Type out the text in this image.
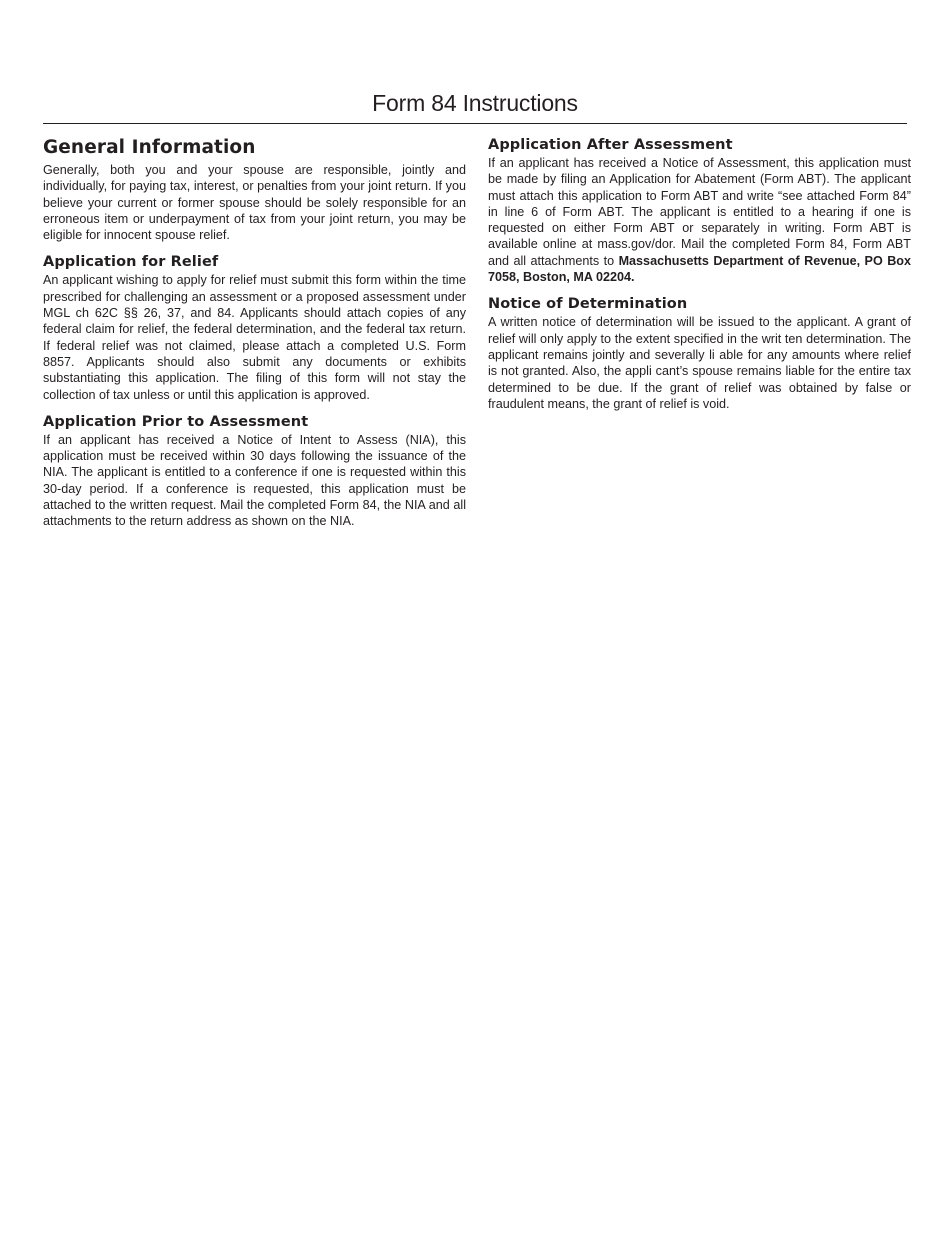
Form 84 Instructions
General Information

Generally, both you and your spouse are responsible, jointly and individually, for paying tax, interest, or penalties from your joint return. If you believe your current or former spouse should be solely responsible for an erroneous item or underpayment of tax from your joint return, you may be eligible for innocent spouse relief.

Application for Relief

An applicant wishing to apply for relief must submit this form within the time prescribed for challenging an assessment or a proposed assessment under MGL ch 62C §§ 26, 37, and 84. Applicants should attach copies of any federal claim for relief, the federal determination, and the federal tax return. If federal relief was not claimed, please attach a completed U.S. Form 8857. Applicants should also submit any documents or exhibits substantiating this application. The filing of this form will not stay the collection of tax unless or until this application is approved.

Application Prior to Assessment

If an applicant has received a Notice of Intent to Assess (NIA), this application must be received within 30 days following the issuance of the NIA. The applicant is entitled to a conference if one is requested within this 30-day period. If a conference is requested, this application must be attached to the written request. Mail the completed Form 84, the NIA and all attachments to the return address as shown on the NIA.

Application After Assessment

If an applicant has received a Notice of Assessment, this application must be made by filing an Application for Abatement (Form ABT). The applicant must attach this application to Form ABT and write “see attached Form 84” in line 6 of Form ABT. The applicant is entitled to a hearing if one is requested on either Form ABT or separately in writing. Form ABT is available online at mass.gov/dor. Mail the completed Form 84, Form ABT and all attachments to Massachusetts Department of Revenue, PO Box 7058, Boston, MA 02204.

Notice of Determination

A written notice of determination will be issued to the applicant. A grant of relief will only apply to the extent specified in the writ ten determination. The applicant remains jointly and severally li able for any amounts where relief is not granted. Also, the appli cant’s spouse remains liable for the entire tax determined to be due. If the grant of relief was obtained by false or fraudulent means, the grant of relief is void.
